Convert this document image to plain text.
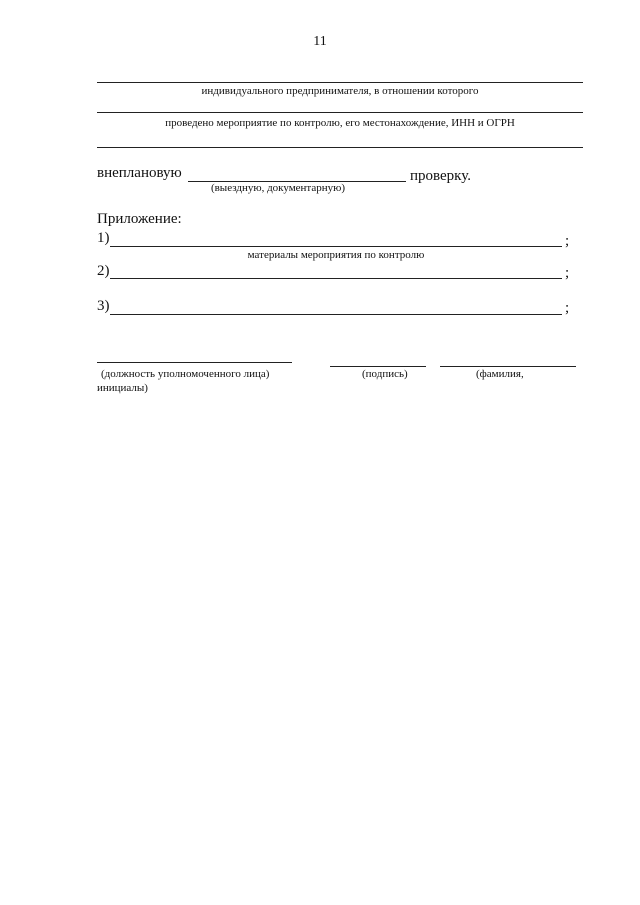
11
индивидуального предпринимателя, в отношении которого
проведено мероприятие по контролю, его местонахождение, ИНН и ОГРН
внеплановую	проверку.
(выездную, документарную)
Приложение:
1)	;
материалы мероприятия по контролю
2)	;
3)	;
(должность уполномоченного лица)	(подпись)	(фамилия,
инициалы)
